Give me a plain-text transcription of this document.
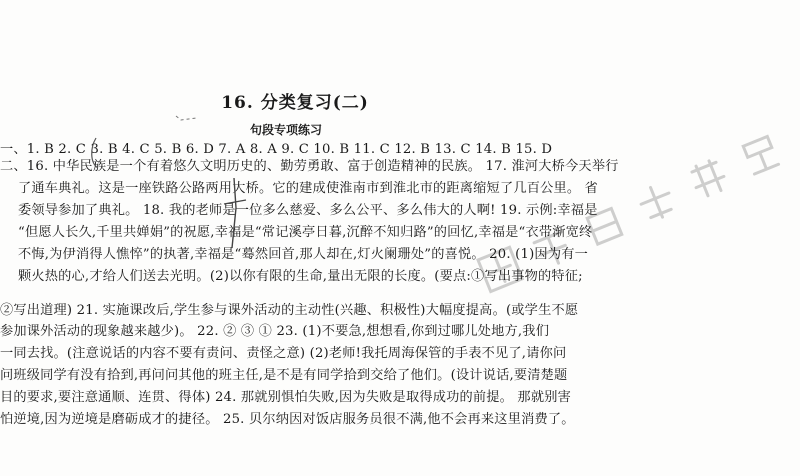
16. 分类复习(二)
句段专项练习
一、1. B 2. C 3. B 4. C 5. B 6. D 7. A 8. A 9. C 10. B 11. C 12. B 13. C 14. B 15. D
二、16. 中华民族是一个有着悠久文明历史的、勤劳勇敢、富于创造精神的民族。 17. 淮河大桥今天举行
了通车典礼。这是一座铁路公路两用大桥。它的建成使淮南市到淮北市的距离缩短了几百公里。 省
委领导参加了典礼。 18. 我的老师是一位多么慈爱、多么公平、多么伟大的人啊! 19. 示例:幸福是
“但愿人长久,千里共婵娟”的祝愿,幸福是“常记溪亭日暮,沉醉不知归路”的回忆,幸福是“衣带渐宽终
不悔,为伊消得人憔悴”的执著,幸福是“蓦然回首,那人却在,灯火阑珊处”的喜悦。 20. (1)因为有一
颗火热的心,才给人们送去光明。(2)以你有限的生命,量出无限的长度。(要点:①写出事物的特征;
②写出道理) 21. 实施课改后,学生参与课外活动的主动性(兴趣、积极性)大幅度提高。(或学生不愿
参加课外活动的现象越来越少)。 22. ② ③ ① 23. (1)不要急,想想看,你到过哪儿处地方,我们
一同去找。(注意说话的内容不要有责问、责怪之意) (2)老师!我托周海保管的手表不见了,请你问
问班级同学有没有拾到,再问问其他的班主任,是不是有同学拾到交给了他们。(设计说话,要清楚题
目的要求,要注意通顺、连贯、得体) 24. 那就别惧怕失败,因为失败是取得成功的前提。 那就别害
怕逆境,因为逆境是磨砺成才的捷径。 25. 贝尔纳因对饭店服务员很不满,他不会再来这里消费了。
